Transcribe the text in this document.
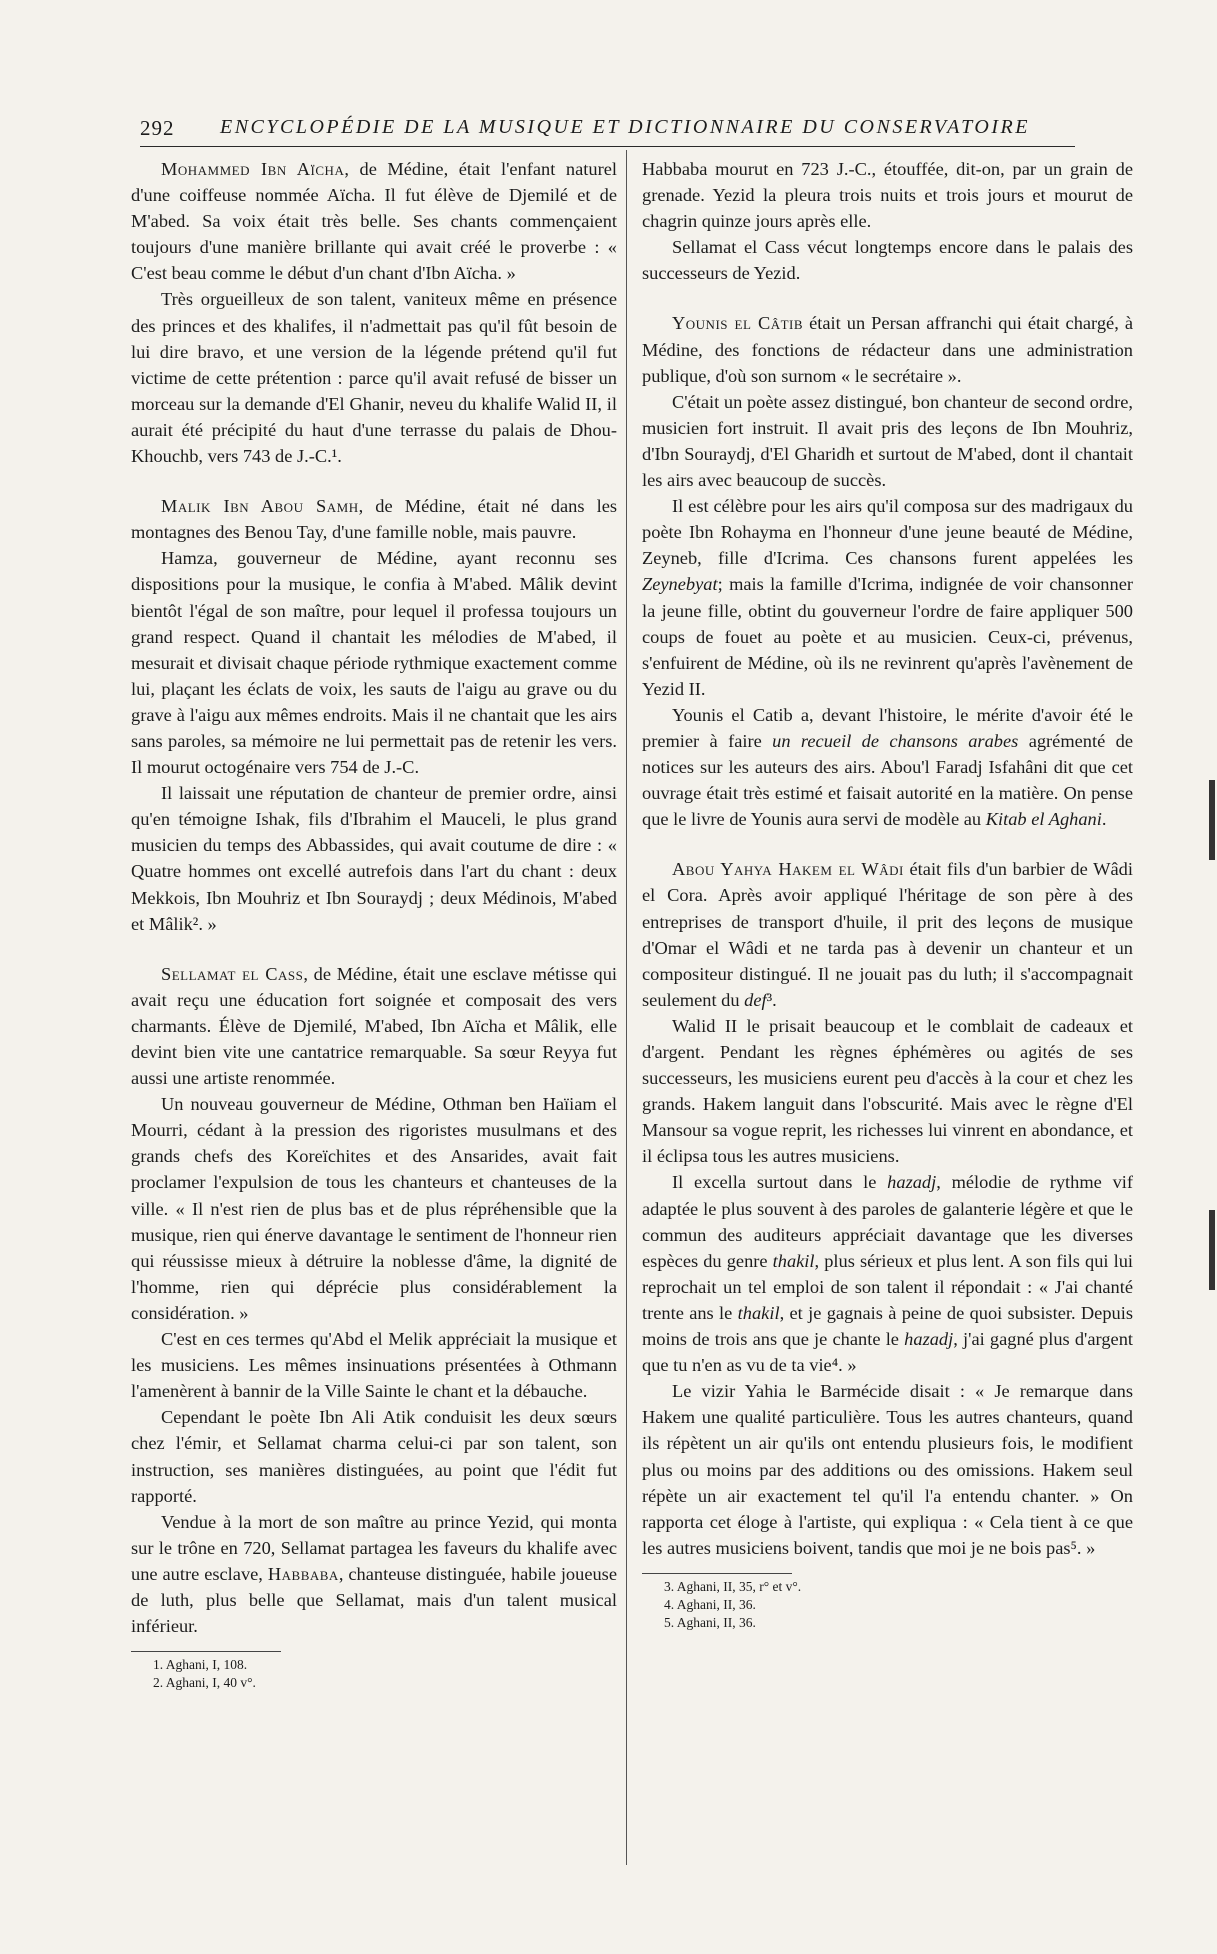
292 ENCYCLOPÉDIE DE LA MUSIQUE ET DICTIONNAIRE DU CONSERVATOIRE

Mohammed Ibn Aïcha, de Médine, était l'enfant naturel d'une coiffeuse nommée Aïcha. Il fut élève de Djemilé et de M'abed. Sa voix était très belle. Ses chants commençaient toujours d'une manière brillante qui avait créé le proverbe : « C'est beau comme le début d'un chant d'Ibn Aïcha. »

Très orgueilleux de son talent, vaniteux même en présence des princes et des khalifes, il n'admettait pas qu'il fût besoin de lui dire bravo, et une version de la légende prétend qu'il fut victime de cette prétention : parce qu'il avait refusé de bisser un morceau sur la demande d'El Ghanir, neveu du khalife Walid II, il aurait été précipité du haut d'une terrasse du palais de Dhou-Khouchb, vers 743 de J.-C.¹.

Malik Ibn Abou Samh, de Médine, était né dans les montagnes des Benou Tay, d'une famille noble, mais pauvre.

Hamza, gouverneur de Médine, ayant reconnu ses dispositions pour la musique, le confia à M'abed. Mâlik devint bientôt l'égal de son maître, pour lequel il professa toujours un grand respect. Quand il chantait les mélodies de M'abed, il mesurait et divisait chaque période rythmique exactement comme lui, plaçant les éclats de voix, les sauts de l'aigu au grave ou du grave à l'aigu aux mêmes endroits. Mais il ne chantait que les airs sans paroles, sa mémoire ne lui permettait pas de retenir les vers. Il mourut octogénaire vers 754 de J.-C.

Il laissait une réputation de chanteur de premier ordre, ainsi qu'en témoigne Ishak, fils d'Ibrahim el Mauceli, le plus grand musicien du temps des Abbassides, qui avait coutume de dire : « Quatre hommes ont excellé autrefois dans l'art du chant : deux Mekkois, Ibn Mouhriz et Ibn Souraydj ; deux Médinois, M'abed et Mâlik². »

Sellamat el Cass, de Médine, était une esclave métisse qui avait reçu une éducation fort soignée et composait des vers charmants. Élève de Djemilé, M'abed, Ibn Aïcha et Mâlik, elle devint bien vite une cantatrice remarquable. Sa sœur Reyya fut aussi une artiste renommée.

Un nouveau gouverneur de Médine, Othman ben Haïiam el Mourri, cédant à la pression des rigoristes musulmans et des grands chefs des Koreïchites et des Ansarides, avait fait proclamer l'expulsion de tous les chanteurs et chanteuses de la ville. « Il n'est rien de plus bas et de plus répréhensible que la musique, rien qui énerve davantage le sentiment de l'honneur rien qui réussisse mieux à détruire la noblesse d'âme, la dignité de l'homme, rien qui déprécie plus considérablement la considération. »

C'est en ces termes qu'Abd el Melik appréciait la musique et les musiciens. Les mêmes insinuations présentées à Othmann l'amenèrent à bannir de la Ville Sainte le chant et la débauche.

Cependant le poète Ibn Ali Atik conduisit les deux sœurs chez l'émir, et Sellamat charma celui-ci par son talent, son instruction, ses manières distinguées, au point que l'édit fut rapporté.

Vendue à la mort de son maître au prince Yezid, qui monta sur le trône en 720, Sellamat partagea les faveurs du khalife avec une autre esclave, Habbaba, chanteuse distinguée, habile joueuse de luth, plus belle que Sellamat, mais d'un talent musical inférieur.

1. Aghani, I, 108.

2. Aghani, I, 40 v°.

Habbaba mourut en 723 J.-C., étouffée, dit-on, par un grain de grenade. Yezid la pleura trois nuits et trois jours et mourut de chagrin quinze jours après elle.

Sellamat el Cass vécut longtemps encore dans le palais des successeurs de Yezid.

Younis el Câtib était un Persan affranchi qui était chargé, à Médine, des fonctions de rédacteur dans une administration publique, d'où son surnom « le secrétaire ».

C'était un poète assez distingué, bon chanteur de second ordre, musicien fort instruit. Il avait pris des leçons de Ibn Mouhriz, d'Ibn Souraydj, d'El Gharidh et surtout de M'abed, dont il chantait les airs avec beaucoup de succès.

Il est célèbre pour les airs qu'il composa sur des madrigaux du poète Ibn Rohayma en l'honneur d'une jeune beauté de Médine, Zeyneb, fille d'Icrima. Ces chansons furent appelées les Zeynebyat; mais la famille d'Icrima, indignée de voir chansonner la jeune fille, obtint du gouverneur l'ordre de faire appliquer 500 coups de fouet au poète et au musicien. Ceux-ci, prévenus, s'enfuirent de Médine, où ils ne revinrent qu'après l'avènement de Yezid II.

Younis el Catib a, devant l'histoire, le mérite d'avoir été le premier à faire un recueil de chansons arabes agrémenté de notices sur les auteurs des airs. Abou'l Faradj Isfahâni dit que cet ouvrage était très estimé et faisait autorité en la matière. On pense que le livre de Younis aura servi de modèle au Kitab el Aghani.

Abou Yahya Hakem el Wâdi était fils d'un barbier de Wâdi el Cora. Après avoir appliqué l'héritage de son père à des entreprises de transport d'huile, il prit des leçons de musique d'Omar el Wâdi et ne tarda pas à devenir un chanteur et un compositeur distingué. Il ne jouait pas du luth; il s'accompagnait seulement du def³.

Walid II le prisait beaucoup et le comblait de cadeaux et d'argent. Pendant les règnes éphémères ou agités de ses successeurs, les musiciens eurent peu d'accès à la cour et chez les grands. Hakem languit dans l'obscurité. Mais avec le règne d'El Mansour sa vogue reprit, les richesses lui vinrent en abondance, et il éclipsa tous les autres musiciens.

Il excella surtout dans le hazadj, mélodie de rythme vif adaptée le plus souvent à des paroles de galanterie légère et que le commun des auditeurs appréciait davantage que les diverses espèces du genre thakil, plus sérieux et plus lent. A son fils qui lui reprochait un tel emploi de son talent il répondait : « J'ai chanté trente ans le thakil, et je gagnais à peine de quoi subsister. Depuis moins de trois ans que je chante le hazadj, j'ai gagné plus d'argent que tu n'en as vu de ta vie⁴. »

Le vizir Yahia le Barmécide disait : « Je remarque dans Hakem une qualité particulière. Tous les autres chanteurs, quand ils répètent un air qu'ils ont entendu plusieurs fois, le modifient plus ou moins par des additions ou des omissions. Hakem seul répète un air exactement tel qu'il l'a entendu chanter. » On rapporta cet éloge à l'artiste, qui expliqua : « Cela tient à ce que les autres musiciens boivent, tandis que moi je ne bois pas⁵. »

3. Aghani, II, 35, r° et v°.

4. Aghani, II, 36.

5. Aghani, II, 36.
